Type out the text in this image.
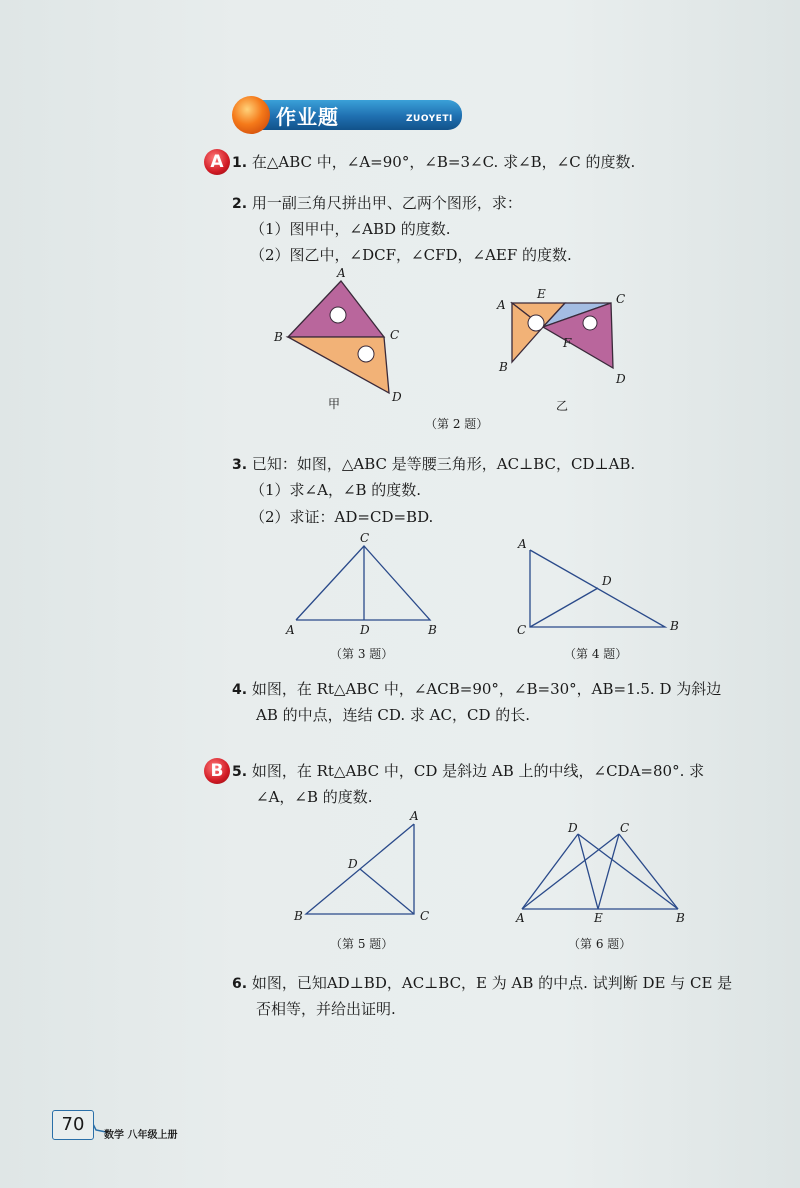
作业题	ZUOYETI
A 1. 在△ABC 中，∠A=90°，∠B=3∠C. 求∠B，∠C 的度数.
2. 用一副三角尺拼出甲、乙两个图形，求：
（1）图甲中，∠ABD 的度数.
（2）图乙中，∠DCF，∠CFD，∠AEF 的度数.
A
B	C
D
甲
A
E	C
F
B
D
乙
（第 2 题）
3. 已知：如图，△ABC 是等腰三角形，AC⊥BC，CD⊥AB.
（1）求∠A，∠B 的度数.
（2）求证：AD=CD=BD.
C
A	D	B
（第 3 题）
A
D
C	B
（第 4 题）
4. 如图，在 Rt△ABC 中，∠ACB=90°，∠B=30°，AB=1.5. D 为斜边
AB 的中点，连结 CD. 求 AC，CD 的长.
B 5. 如图，在 Rt△ABC 中，CD 是斜边 AB 上的中线，∠CDA=80°. 求
∠A，∠B 的度数.
A
D
B	C
（第 5 题）
D	C
A	E	B
（第 6 题）
6. 如图，已知AD⊥BD，AC⊥BC，E 为 AB 的中点. 试判断 DE 与 CE 是
否相等，并给出证明.
70
数学 八年级上册
